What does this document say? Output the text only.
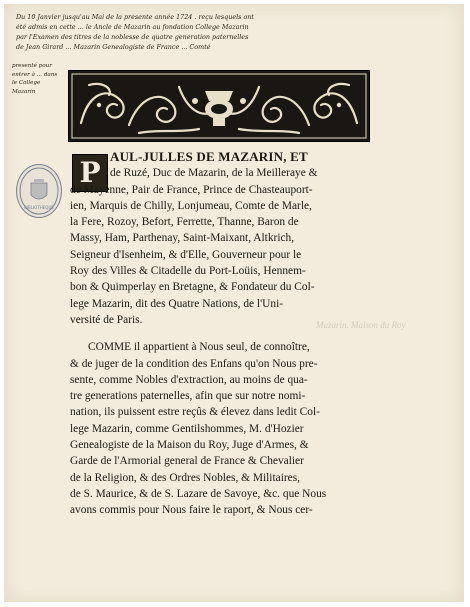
Du 10 Janvier jusqu'au Mai de la presente année 1724 . reçu lesquels ont
été admis en cette ... le Ancle de Mazarin au fondation College Mazarin
par l'Examen des titres de la noblesse de quatre generation paternelles
de Jean Girard ... Mazarin Genealogiste de France ... Comté
presenté pour entrer à ... dans le College Mazarin
BIBLIOTHEQUE
P
Mazarin. Maison du Roy
AUL-JULLES DE MAZARIN, ET
de Ruzé, Duc de Mazarin, de la Meilleraye &
de Mayenne, Pair de France, Prince de Chasteauport-
ien, Marquis de Chilly, Lonjumeau, Comte de Marle,
la Fere, Rozoy, Befort, Ferrette, Thanne, Baron de
Massy, Ham, Parthenay, Saint-Maixant, Altkrich,
Seigneur d'Isenheim, & d'Elle, Gouverneur pour le
Roy des Villes & Citadelle du Port-Loüis, Hennem-
bon & Quimperlay en Bretagne, & Fondateur du Col-
lege Mazarin, dit des Quatre Nations, de l'Uni-
versité de Paris.
COMME il appartient à Nous seul, de connoître,
& de juger de la condition des Enfans qu'on Nous pre-
sente, comme Nobles d'extraction, au moins de qua-
tre generations paternelles, afin que sur notre nomi-
nation, ils puissent estre reçûs & élevez dans ledit Col-
lege Mazarin, comme Gentilshommes, M. d'Hozier
Genealogiste de la Maison du Roy, Juge d'Armes, &
Garde de l'Armorial general de France & Chevalier
de la Religion, & des Ordres Nobles, & Militaires,
de S. Maurice, & de S. Lazare de Savoye, &c. que Nous
avons commis pour Nous faire le raport, & Nous cer-
